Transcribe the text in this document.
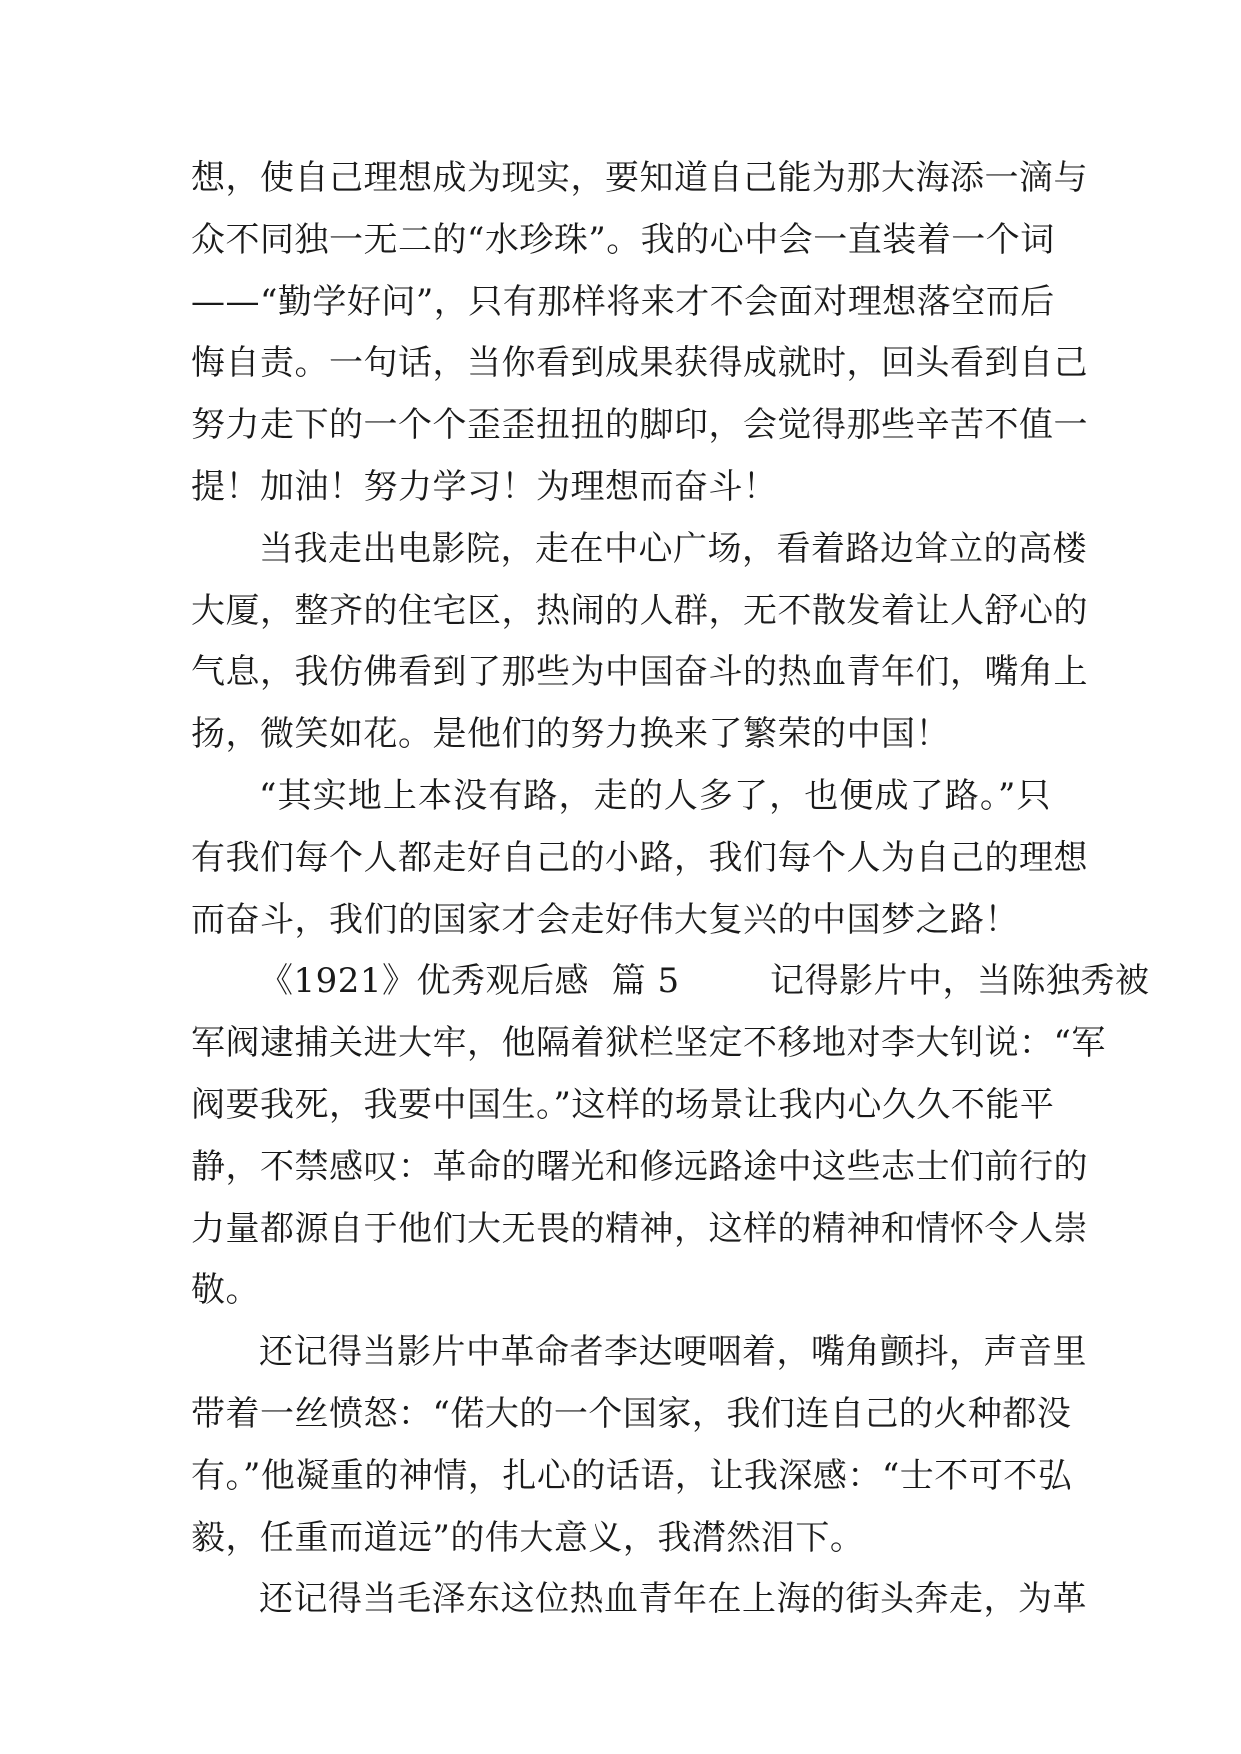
想，使自己理想成为现实，要知道自己能为那大海添一滴与
众不同独一无二的“水珍珠”。我的心中会一直装着一个词
——“勤学好问”，只有那样将来才不会面对理想落空而后
悔自责。一句话，当你看到成果获得成就时，回头看到自己
努力走下的一个个歪歪扭扭的脚印，会觉得那些辛苦不值一
提！加油！努力学习！为理想而奋斗！
当我走出电影院，走在中心广场，看着路边耸立的高楼
大厦，整齐的住宅区，热闹的人群，无不散发着让人舒心的
气息，我仿佛看到了那些为中国奋斗的热血青年们，嘴角上
扬，微笑如花。是他们的努力换来了繁荣的中国！
“其实地上本没有路，走的人多了，也便成了路。”只
有我们每个人都走好自己的小路，我们每个人为自己的理想
而奋斗，我们的国家才会走好伟大复兴的中国梦之路！
《1921》优秀观后感  篇 5        记得影片中，当陈独秀被
军阀逮捕关进大牢，他隔着狱栏坚定不移地对李大钊说：“军
阀要我死，我要中国生。”这样的场景让我内心久久不能平
静，不禁感叹：革命的曙光和修远路途中这些志士们前行的
力量都源自于他们大无畏的精神，这样的精神和情怀令人崇
敬。
还记得当影片中革命者李达哽咽着，嘴角颤抖，声音里
带着一丝愤怒：“偌大的一个国家，我们连自己的火种都没
有。”他凝重的神情，扎心的话语，让我深感：“士不可不弘
毅，任重而道远”的伟大意义，我潸然泪下。
还记得当毛泽东这位热血青年在上海的街头奔走，为革
